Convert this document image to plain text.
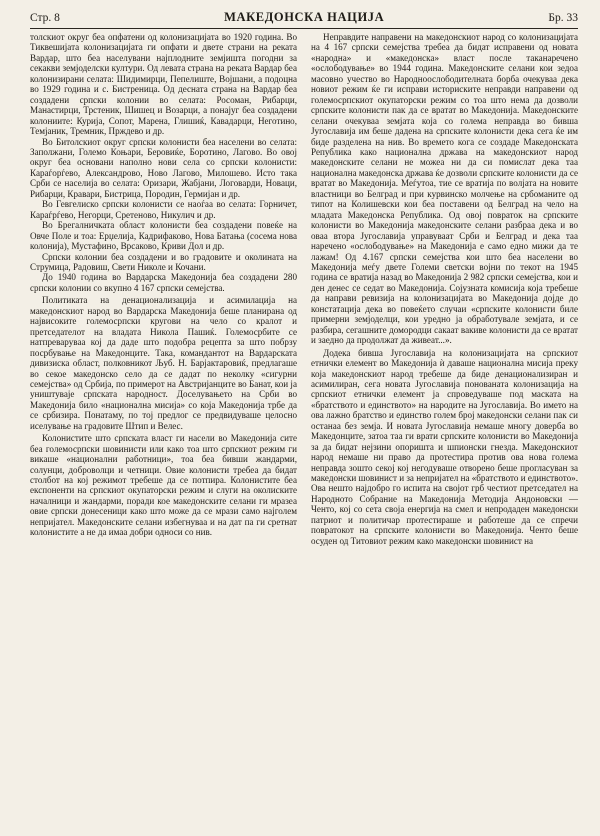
Стр. 8	МАКЕДОНСКА НАЦИЈА	Бр. 33

толскиот округ беа опфатени од колонизацијата во 1920 година. Во Тиквешијата колонизацијата ги опфати и двете страни на рекатa Вардар, што беа населувани најплодните земјишта погодни за секакви земјоделски култури. Од левата страна на реката Вардар беа колонизирани селата: Шидимирци, Пепелиште, Војшани, а подоцна во 1929 година и с. Бистреница. Од десната страна на Вардар беа создадени српски колонии во селата: Росоман, Рибарци, Манастирци, Трстеник, Шишец и Возарци, а понајуг беа создадени колониите: Курија, Сопот, Марена, Глишиќ, Кавадарци, Неготино, Темјаник, Тремник, Прждево и др.

Во Битолскиот округ српски колонисти беа населени во селата: Заполжани, Големо Коњари, Беровиќе, Боротино, Лагово. Во овој округ беа основани наполно нови села со српски колонисти: Караѓорѓево, Александрово, Ново Лагово, Милошево. Исто така Срби се населија во селата: Оризари, Жабјани, Логоварди, Новаци, Рибарци, Кравари, Бистрица, Породин, Гермијан и др.

Во Гевгелиско српски колонисти се наоѓаа во селата: Горничет, Караѓрѓево, Негорци, Сретеново, Никулич и др.

Во Брегалничката област колонисти беа создадени повеќе на Овче Поле и тоа: Ерџелија, Кадрифаково, Нова Батања (сосема нова колонија), Мустафино, Врсаково, Криви Дол и др.

Српски колонии беа создадени и во градовите и околината на Струмица, Радовиш, Свети Николе и Кочани.

До 1940 година во Вардарска Македонија беа создадени 280 српски колонии со вкупно 4 167 српски семејства.

Политиката на денационализација и асимилација на македонскиот народ во Вардарска Македонија беше планирана од највисоките големосрпски кругови на чело со кралот и претседателот на владата Никола Пашиќ. Големосрбите се натпреваруваа кој да даде што подобра рецепта за што побрзу посрбување на Македонците. Така, командантот на Вардарската дивизиска област, полковникот Љуб. Н. Барјактаровиќ, предлагаше во секое македонско село да се дадат по неколку «сигурни семејства» од Србија, по примерот на Австријанците во Банат, кои ја уништуваје српската народност. Доселувањето на Срби во Македонија било «национална мисија» со која Македонија трбе да се србизира. Понатаму, по тој предлог се предвидуваше целосно иселување на градовите Штип и Велес.

Колонистите што српската власт ги насели во Македонија сите беа големосрпски шовинисти или како тоа што српскиот режим ги викаше «национални работници», тоа беа бивши жандарми, солунци, доброволци и четници. Овие колонисти требеа да бидат столбот на кој режимот требеше да се потпира. Колонистите беа експоненти на српскиот окупаторски режим и слуги на околиските началници и жандарми, поради кое македонските селани ги мразеа овие српски донесеници како што може да се мрази само најголем непријател. Македонските селани избегнуваа и на дат па ги сретнат колонистите а не да имаа добри односи со нив.

Неправдите направени на македонскиот народ со колонизацијата на 4 167 српски семејства требеа да бидат исправени од новата «народна» и «македонска» власт после таканаречено «ослободување» во 1944 година. Македонските селани кои зедоа масовно учество во Народноослободителната борба очекуваа дека новиот режим ќе ги исправи историските неправди направени од големосрпскиот окупаторски режим со тоа што нема да дозволи српските колонисти пак да се вратат во Македонија. Македонските селани очекуваа земјата која со голема неправда во бивша Југославија им беше дадена на српските колонисти дека сега ќе им биде разделена на нив. Во времето кога се создаде Македонската Република како национална држава на македонскиот народ македонските селани не можеа ни да си помислат дека таа национална македонска држава ќе дозволи српските колонисти да се вратат во Македонија. Меѓутоа, тие се вратија по волјата на новите властници во Белград и при курвинско молчење на србоманите од типот на Колишевски кои беа поставени од Белград на чело на младата Македонска Република. Од овој повраток на српските колонисти во Македонија македонските селани разбраа дека и во оваа втора Југославија управуваат Срби и Белград и дека таа наречено «ослободување» на Македонија е само едно мижи да те лажам! Од 4.167 српски семејства кои што беа населени во Македонија меѓу двете Големи светски војни по текот на 1945 година се вратија назад во Македонија 2 982 српски семејства, кои и ден денес се седат во Македонија. Сојузната комисија која требеше да направи ревизија на колонизацијата во Македонија дојде до констатација дека во повеќето случаи «српските колонисти биле примерни земјоделци, кои уредно ја обработувале земјата, и се разбира, сегашните домородци сакаат вакиве колонисти да се вратат и заедно да продолжат да живеат...».

Додека бивша Југославија на колонизацијата на српскиот етнички елемент во Македонија ѝ даваше национална мисија преку која македонскиот народ требеше да биде денационализиран и асимилиран, сега новата Југославија понованата колонизација на српскиот етнички елемент ја спроведуваше под маската на «братството и единството» на народите на Југославија. Во името на ова лажно братство и единство голем број македонски селани пак си останаа без земја. И новата Југославија немаше многу доверба во Македонците, затоа таа ги врати српските колонисти во Македонија за да бидат нејзини опоришта и шпионски гнезда. Македонскиот народ немаше ни право да протестира против ова нова голема неправда зошто секој кој негодуваше отворено беше прогласуван за македонски шовинист и за непријател на «братството и единството». Ова нешто најдобро го испита на својот грб честиот претседател на Народното Собрание на Македонија Методија Андоновски — Ченто, кој со сета своја енергија на смел и непродаден македонски патриот и политичар протестираше и работеше да се спречи повратокот на српските колонисти во Македонија. Ченто беше осуден од Титовиот режим како македонски шовинист на
